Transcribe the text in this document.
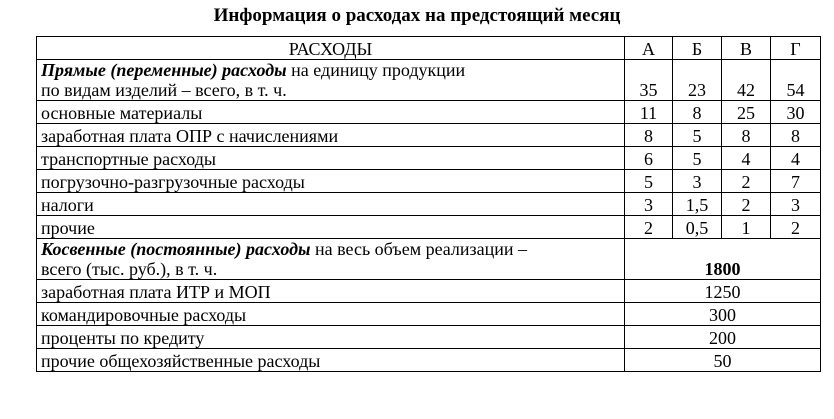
Информация о расходах на предстоящий месяц
РАСХОДЫ	А	Б	В	Г
Прямые (переменные) расходы на единицу продукции
по видам изделий – всего, в т. ч.	35	23	42	54
основные материалы	11	8	25	30
заработная плата ОПР с начислениями	8	5	8	8
транспортные расходы	6	5	4	4
погрузочно-разгрузочные расходы	5	3	2	7
налоги	3	1,5	2	3
прочие	2	0,5	1	2
Косвенные (постоянные) расходы на весь объем реализации –
всего (тыс. руб.), в т. ч.	1800			
заработная плата ИТР и МОП	1250			
командировочные расходы	300			
проценты по кредиту	200			
прочие общехозяйственные расходы	50			
